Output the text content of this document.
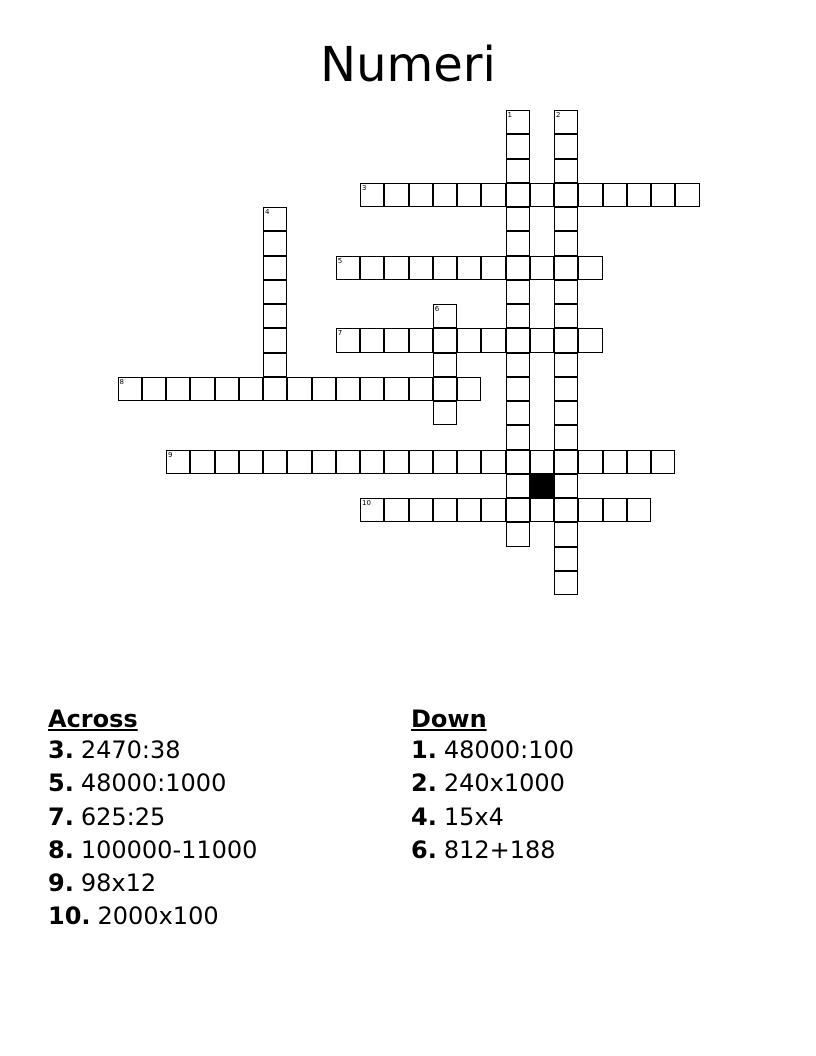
Numeri
3
5
7
8
9
10
1	2
4
6
Across
3. 2470:38
5. 48000:1000
7. 625:25
8. 100000-11000
9. 98x12
10. 2000x100
Down
1. 48000:100
2. 240x1000
4. 15x4
6. 812+188
